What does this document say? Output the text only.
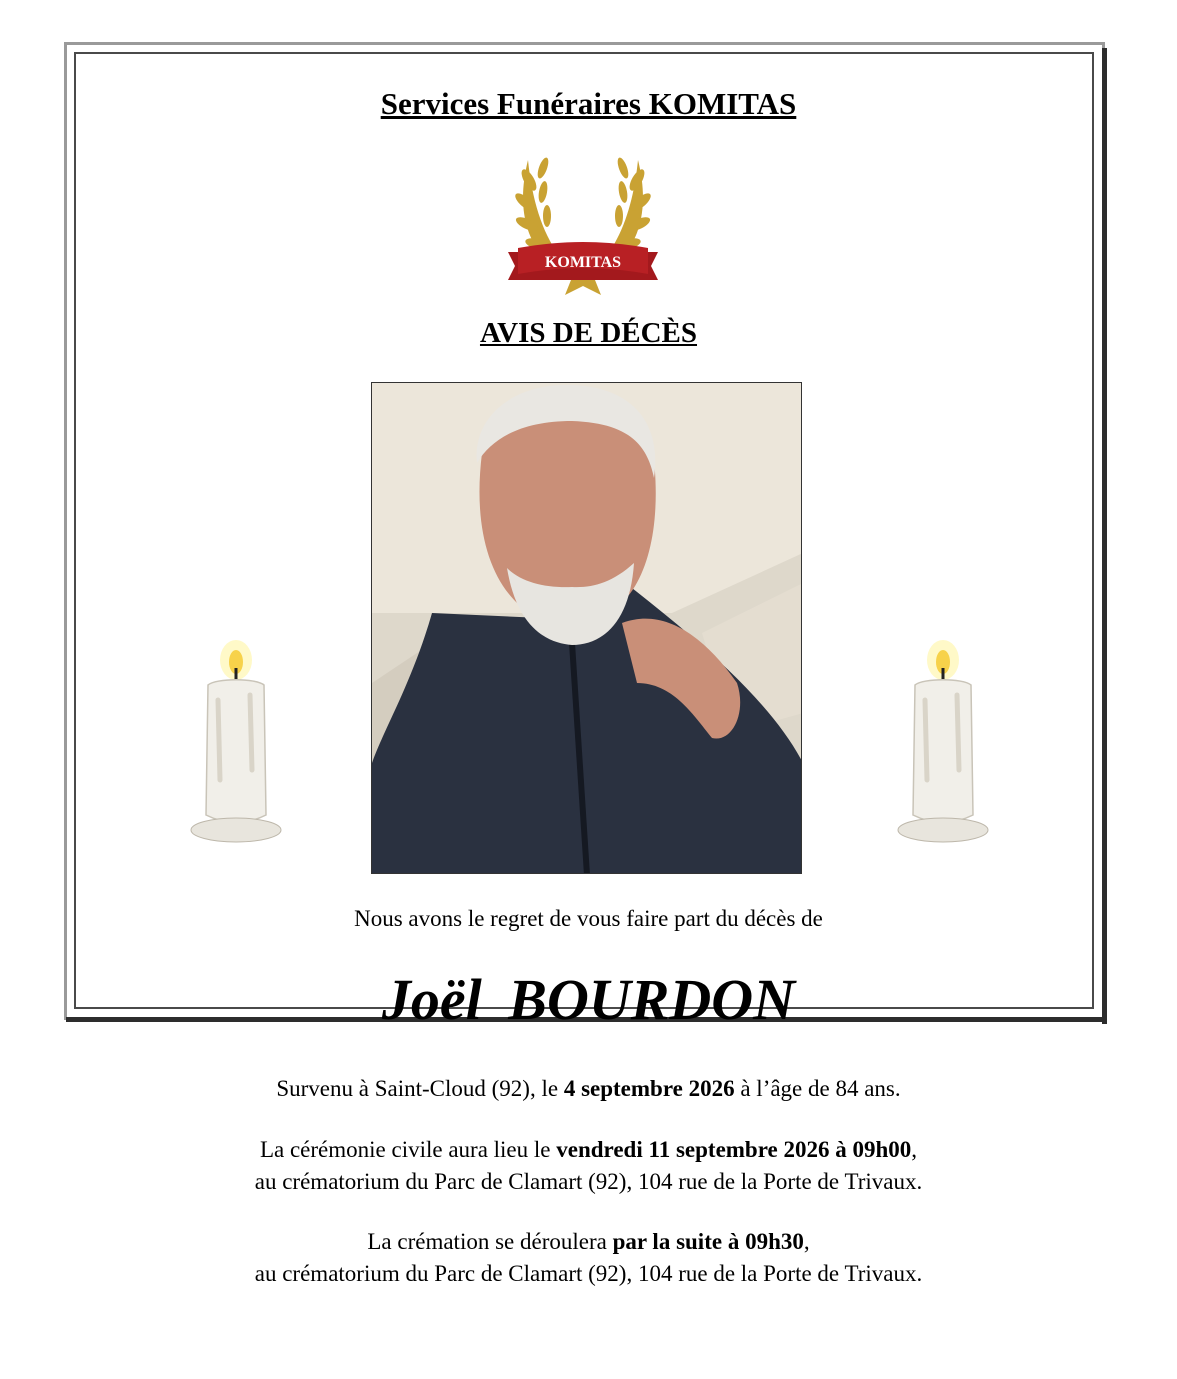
Services Funéraires KOMITAS
KOMITAS
AVIS DE DÉCÈS
Nous avons le regret de vous faire part du décès de
Joël BOURDON
Survenu à Saint-Cloud (92), le 4 septembre 2026 à l’âge de 84 ans.
La cérémonie civile aura lieu le vendredi 11 septembre 2026 à 09h00,
au crématorium du Parc de Clamart (92), 104 rue de la Porte de Trivaux.
La crémation se déroulera par la suite à 09h30,
au crématorium du Parc de Clamart (92), 104 rue de la Porte de Trivaux.
